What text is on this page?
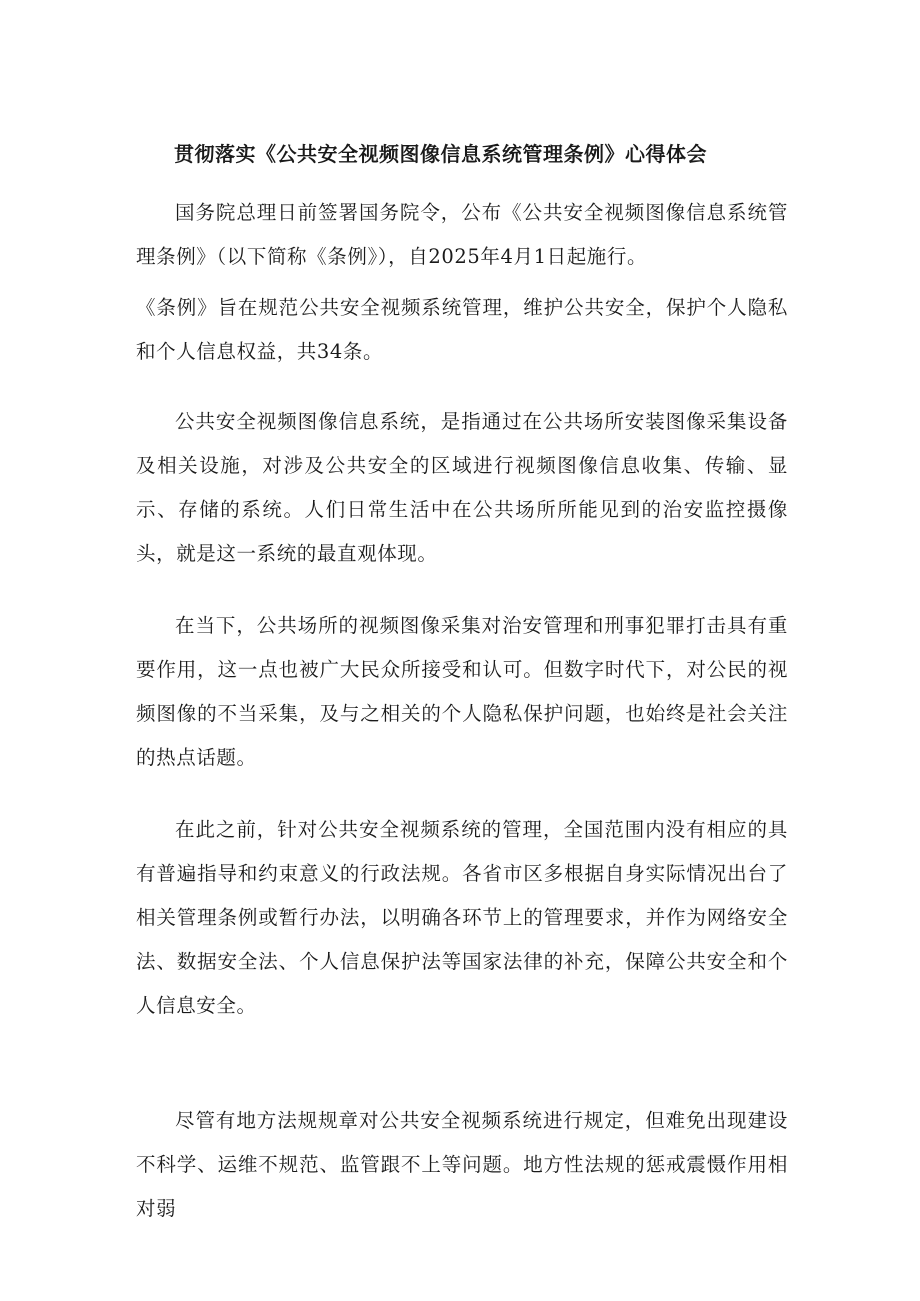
贯彻落实《公共安全视频图像信息系统管理条例》心得体会

国务院总理日前签署国务院令，公布《公共安全视频图像信息系统管理条例》（以下简称《条例》），自2025年4月1日起施行。

《条例》旨在规范公共安全视频系统管理，维护公共安全，保护个人隐私和个人信息权益，共34条。

公共安全视频图像信息系统，是指通过在公共场所安装图像采集设备及相关设施，对涉及公共安全的区域进行视频图像信息收集、传输、显示、存储的系统。人们日常生活中在公共场所所能见到的治安监控摄像头，就是这一系统的最直观体现。

在当下，公共场所的视频图像采集对治安管理和刑事犯罪打击具有重要作用，这一点也被广大民众所接受和认可。但数字时代下，对公民的视频图像的不当采集，及与之相关的个人隐私保护问题，也始终是社会关注的热点话题。

在此之前，针对公共安全视频系统的管理，全国范围内没有相应的具有普遍指导和约束意义的行政法规。各省市区多根据自身实际情况出台了相关管理条例或暂行办法，以明确各环节上的管理要求，并作为网络安全法、数据安全法、个人信息保护法等国家法律的补充，保障公共安全和个人信息安全。

尽管有地方法规规章对公共安全视频系统进行规定，但难免出现建设不科学、运维不规范、监管跟不上等问题。地方性法规的惩戒震慑作用相对弱
